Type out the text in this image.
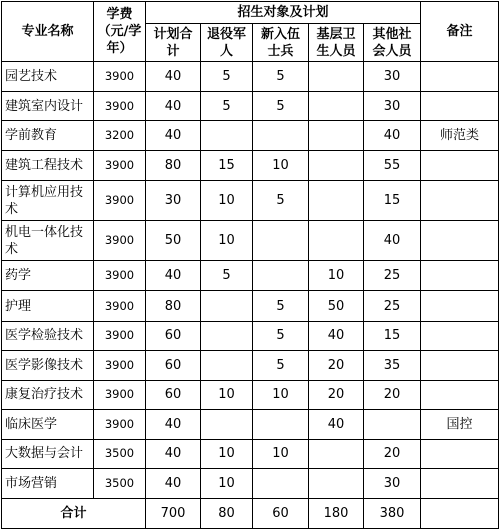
专业名称	学费（元/学年）	招生对象及计划					备注
		计划合计	退役军人	新入伍士兵	基层卫生人员	其他社会人员	
园艺技术	3900	40	5	5		30	
建筑室内设计	3900	40	5	5		30	
学前教育	3200	40				40	师范类
建筑工程技术	3900	80	15	10		55	
计算机应用技术	3900	30	10	5		15	
机电一体化技术	3900	50	10			40	
药学	3900	40	5		10	25	
护理	3900	80		5	50	25	
医学检验技术	3900	60		5	40	15	
医学影像技术	3900	60		5	20	35	
康复治疗技术	3900	60	10	10	20	20	
临床医学	3900	40			40		国控
大数据与会计	3500	40	10	10		20	
市场营销	3500	40	10			30	
合计		700	80	60	180	380	
